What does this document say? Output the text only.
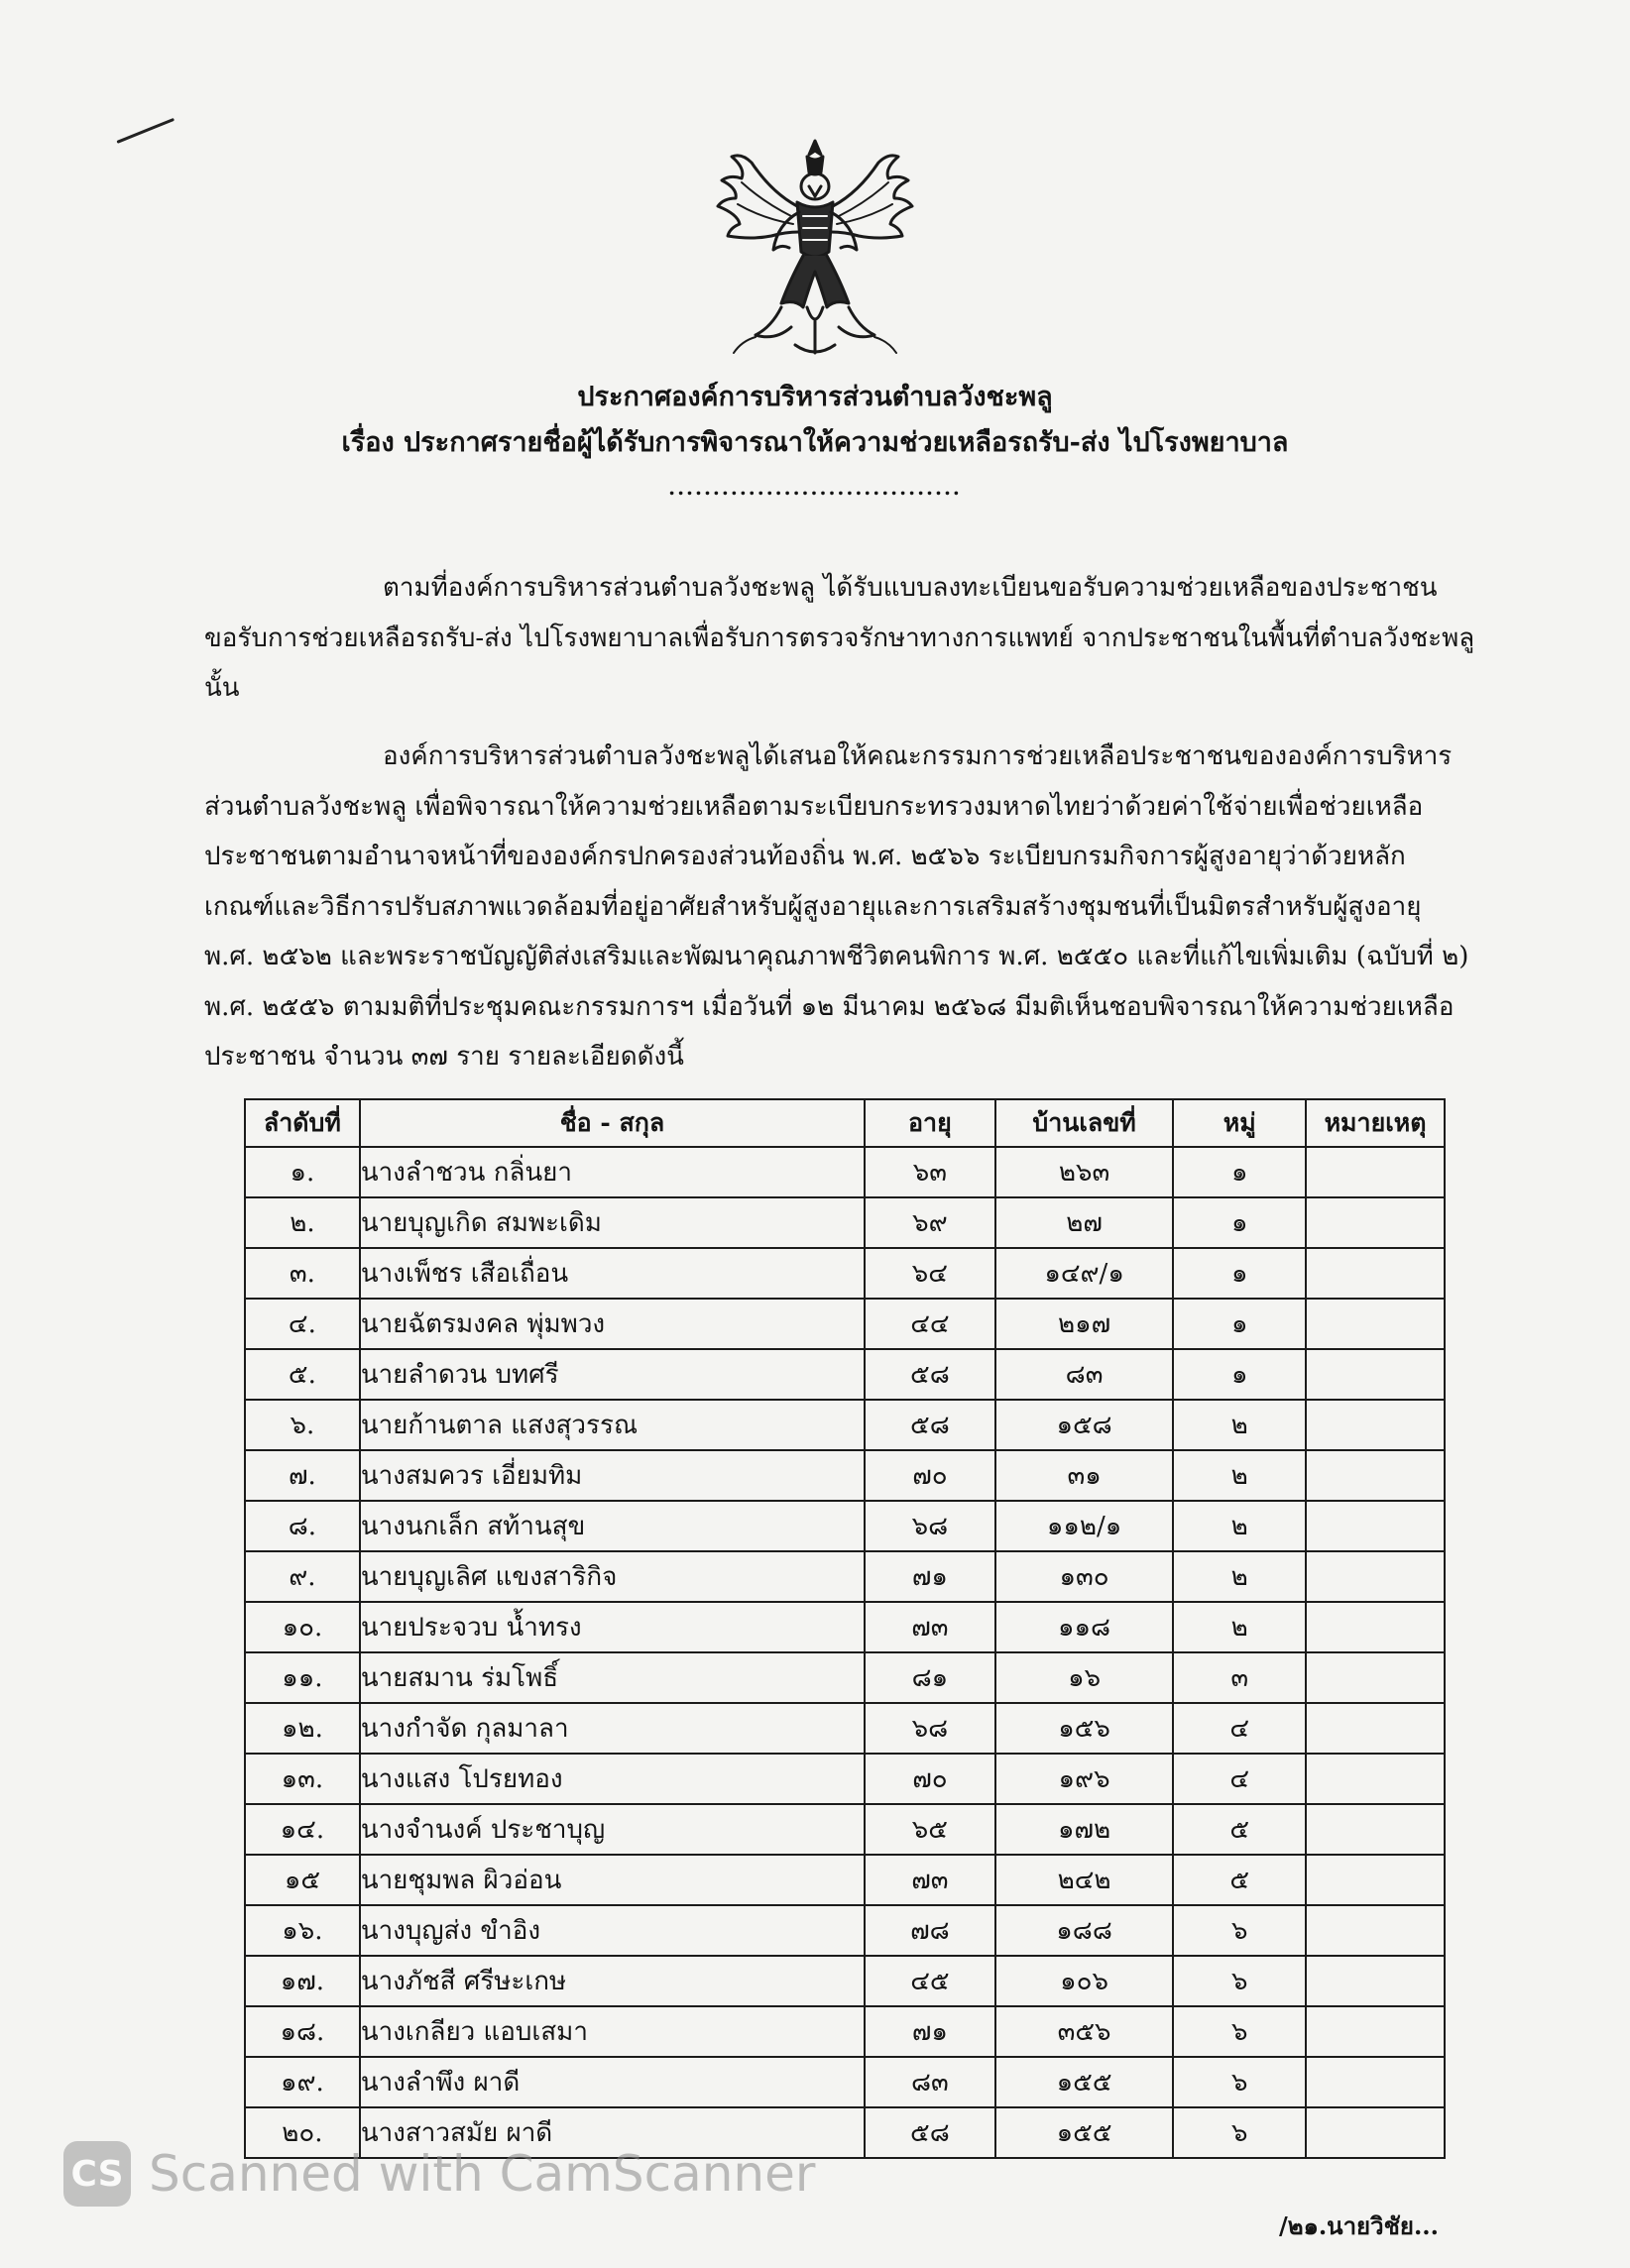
ประกาศองค์การบริหารส่วนตำบลวังชะพลู
เรื่อง ประกาศรายชื่อผู้ได้รับการพิจารณาให้ความช่วยเหลือรถรับ-ส่ง ไปโรงพยาบาล
.................................

ตามที่องค์การบริหารส่วนตำบลวังชะพลู ได้รับแบบลงทะเบียนขอรับความช่วยเหลือของประชาชน ขอรับการช่วยเหลือรถรับ-ส่ง ไปโรงพยาบาลเพื่อรับการตรวจรักษาทางการแพทย์ จากประชาชนในพื้นที่ตำบลวังชะพลู นั้น

องค์การบริหารส่วนตำบลวังชะพลูได้เสนอให้คณะกรรมการช่วยเหลือประชาชนขององค์การบริหารส่วนตำบลวังชะพลู เพื่อพิจารณาให้ความช่วยเหลือตามระเบียบกระทรวงมหาดไทยว่าด้วยค่าใช้จ่ายเพื่อช่วยเหลือประชาชนตามอำนาจหน้าที่ขององค์กรปกครองส่วนท้องถิ่น พ.ศ. ๒๕๖๖ ระเบียบกรมกิจการผู้สูงอายุว่าด้วยหลักเกณฑ์และวิธีการปรับสภาพแวดล้อมที่อยู่อาศัยสำหรับผู้สูงอายุและการเสริมสร้างชุมชนที่เป็นมิตรสำหรับผู้สูงอายุ พ.ศ. ๒๕๖๒ และพระราชบัญญัติส่งเสริมและพัฒนาคุณภาพชีวิตคนพิการ พ.ศ. ๒๕๕๐ และที่แก้ไขเพิ่มเติม (ฉบับที่ ๒) พ.ศ. ๒๕๕๖ ตามมติที่ประชุมคณะกรรมการฯ เมื่อวันที่ ๑๒ มีนาคม ๒๕๖๘ มีมติเห็นชอบพิจารณาให้ความช่วยเหลือประชาชน จำนวน ๓๗ ราย รายละเอียดดังนี้

ลำดับที่	ชื่อ - สกุล	อายุ	บ้านเลขที่	หมู่	หมายเหตุ
๑.	นางลำชวน กลิ่นยา	๖๓	๒๖๓	๑	
๒.	นายบุญเกิด สมพะเดิม	๖๙	๒๗	๑	
๓.	นางเพ็ชร เสือเถื่อน	๖๔	๑๔๙/๑	๑	
๔.	นายฉัตรมงคล พุ่มพวง	๔๔	๒๑๗	๑	
๕.	นายลำดวน บทศรี	๕๘	๘๓	๑	
๖.	นายก้านตาล แสงสุวรรณ	๕๘	๑๕๘	๒	
๗.	นางสมควร เอี่ยมทิม	๗๐	๓๑	๒	
๘.	นางนกเล็ก สท้านสุข	๖๘	๑๑๒/๑	๒	
๙.	นายบุญเลิศ แขงสาริกิจ	๗๑	๑๓๐	๒	
๑๐.	นายประจวบ น้ำทรง	๗๓	๑๑๘	๒	
๑๑.	นายสมาน ร่มโพธิ์	๘๑	๑๖	๓	
๑๒.	นางกำจัด กุลมาลา	๖๘	๑๕๖	๔	
๑๓.	นางแสง โปรยทอง	๗๐	๑๙๖	๔	
๑๔.	นางจำนงค์ ประชาบุญ	๖๕	๑๗๒	๕	
๑๕	นายชุมพล ผิวอ่อน	๗๓	๒๔๒	๕	
๑๖.	นางบุญส่ง ขำอิง	๗๘	๑๘๘	๖	
๑๗.	นางภัชสี ศรีษะเกษ	๔๕	๑๐๖	๖	
๑๘.	นางเกลียว แอบเสมา	๗๑	๓๕๖	๖	
๑๙.	นางลำพึง ผาดี	๘๓	๑๕๕	๖	
๒๐.	นางสาวสมัย ผาดี	๕๘	๑๕๕	๖	
/๒๑.นายวิชัย...
CS Scanned with CamScanner
